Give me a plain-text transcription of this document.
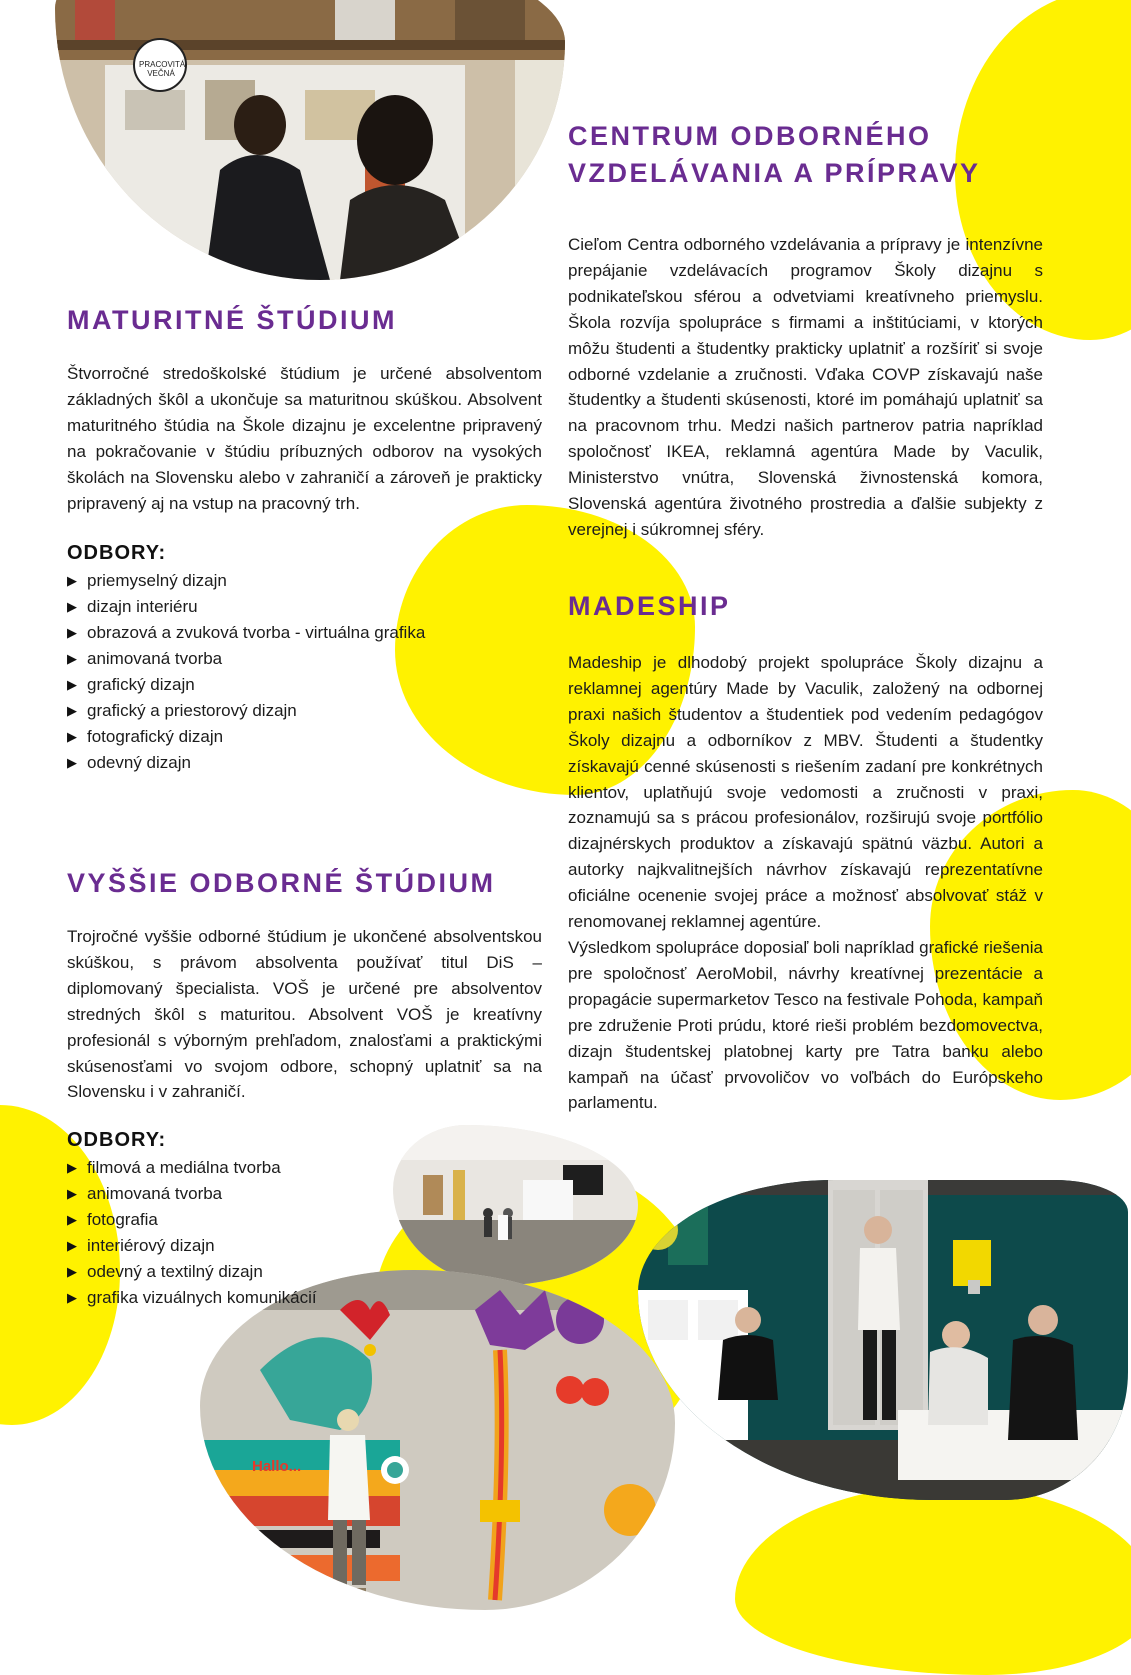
PRACOVITÁ VEČNÁ
Hallo...
MATURITNÉ ŠTÚDIUM

Štvorročné stredoškolské štúdium je určené absolventom základných škôl a ukončuje sa maturitnou skúškou. Absolvent maturitného štúdia na Škole dizajnu je excelentne pripravený na pokračovanie v štúdiu príbuzných odborov na vysokých školách na Slovensku alebo v zahraničí a zároveň je prakticky pripravený aj na vstup na pracovný trh.

ODBORY:
▶ priemyselný dizajn
▶ dizajn interiéru
▶ obrazová a zvuková tvorba - virtuálna grafika
▶ animovaná tvorba
▶ grafický dizajn
▶ grafický a priestorový dizajn
▶ fotografický dizajn
▶ odevný dizajn
VYŠŠIE ODBORNÉ ŠTÚDIUM

Trojročné vyššie odborné štúdium je ukončené absolventskou skúškou, s právom absolventa používať titul DiS – diplomovaný špecialista. VOŠ je určené pre absolventov stredných škôl s maturitou. Absolvent VOŠ je kreatívny profesionál s výborným prehľadom, znalosťami a praktickými skúsenosťami vo svojom odbore, schopný uplatniť sa na Slovensku i v zahraničí.

ODBORY:
▶ filmová a mediálna tvorba
▶ animovaná tvorba
▶ fotografia
▶ interiérový dizajn
▶ odevný a textilný dizajn
▶ grafika vizuálnych komunikácií
CENTRUM ODBORNÉHO
VZDELÁVANIA A PRÍPRAVY

Cieľom Centra odborného vzdelávania a prípravy je intenzívne prepájanie vzdelávacích programov Školy dizajnu s podnikateľskou sférou a odvetviami kreatívneho priemyslu. Škola rozvíja spolupráce s firmami a inštitúciami, v ktorých môžu študenti a študentky prakticky uplatniť a rozšíriť si svoje odborné vzdelanie a zručnosti. Vďaka COVP získavajú naše študentky a študenti skúsenosti, ktoré im pomáhajú uplatniť sa na pracovnom trhu. Medzi našich partnerov patria napríklad spoločnosť IKEA, reklamná agentúra Made by Vaculik, Ministerstvo vnútra, Slovenská živnostenská komora, Slovenská agentúra životného prostredia a ďalšie subjekty z verejnej i súkromnej sféry.

MADESHIP

Madeship je dlhodobý projekt spolupráce Školy dizajnu a reklamnej agentúry Made by Vaculik, založený na odbornej praxi našich študentov a študentiek pod vedením pedagógov Školy dizajnu a odborníkov z MBV. Študenti a študentky získavajú cenné skúsenosti s riešením zadaní pre konkrétnych klientov, uplatňujú svoje vedomosti a zručnosti v praxi, zoznamujú sa s prácou profesionálov, rozširujú svoje portfólio dizajnérskych produktov a získavajú spätnú väzbu. Autori a autorky najkvalitnejších návrhov získavajú reprezentatívne oficiálne ocenenie svojej práce a možnosť absolvovať stáž v renomovanej reklamnej agentúre.

Výsledkom spolupráce doposiaľ boli napríklad grafické riešenia pre spoločnosť AeroMobil, návrhy kreatívnej prezentácie a propagácie supermarketov Tesco na festivale Pohoda, kampaň pre združenie Proti prúdu, ktoré rieši problém bezdomovectva, dizajn študentskej platobnej karty pre Tatra banku alebo kampaň na účasť prvovoličov vo voľbách do Európskeho parlamentu.
